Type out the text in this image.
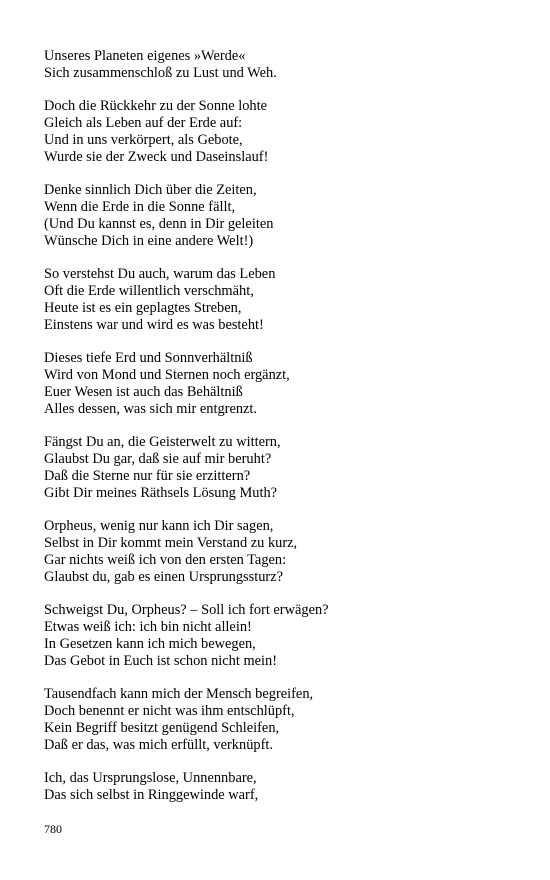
Unseres Planeten eigenes »Werde«
Sich zusammenschloß zu Lust und Weh.
Doch die Rückkehr zu der Sonne lohte
Gleich als Leben auf der Erde auf:
Und in uns verkörpert, als Gebote,
Wurde sie der Zweck und Daseinslauf!
Denke sinnlich Dich über die Zeiten,
Wenn die Erde in die Sonne fällt,
(Und Du kannst es, denn in Dir geleiten
Wünsche Dich in eine andere Welt!)
So verstehst Du auch, warum das Leben
Oft die Erde willentlich verschmäht,
Heute ist es ein geplagtes Streben,
Einstens war und wird es was besteht!
Dieses tiefe Erd und Sonnverhältniß
Wird von Mond und Sternen noch ergänzt,
Euer Wesen ist auch das Behältniß
Alles dessen, was sich mir entgrenzt.
Fängst Du an, die Geisterwelt zu wittern,
Glaubst Du gar, daß sie auf mir beruht?
Daß die Sterne nur für sie erzittern?
Gibt Dir meines Räthsels Lösung Muth?
Orpheus, wenig nur kann ich Dir sagen,
Selbst in Dir kommt mein Verstand zu kurz,
Gar nichts weiß ich von den ersten Tagen:
Glaubst du, gab es einen Ursprungssturz?
Schweigst Du, Orpheus? – Soll ich fort erwägen?
Etwas weiß ich: ich bin nicht allein!
In Gesetzen kann ich mich bewegen,
Das Gebot in Euch ist schon nicht mein!
Tausendfach kann mich der Mensch begreifen,
Doch benennt er nicht was ihm entschlüpft,
Kein Begriff besitzt genügend Schleifen,
Daß er das, was mich erfüllt, verknüpft.
Ich, das Ursprungslose, Unnennbare,
Das sich selbst in Ringgewinde warf,
780
